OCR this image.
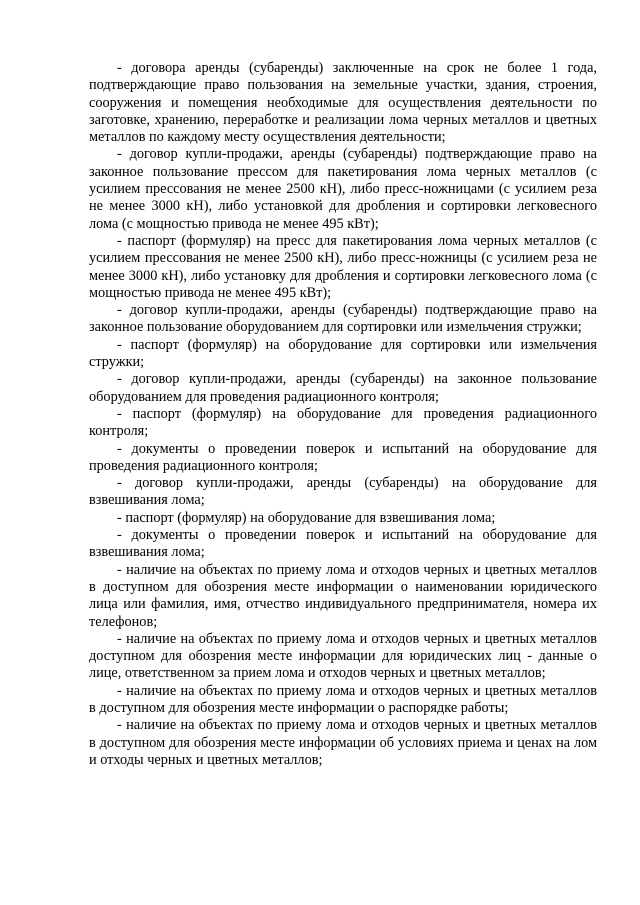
- договора аренды (субаренды) заключенные на срок не более 1 года, подтверждающие право пользования на земельные участки, здания, строения, сооружения и помещения необходимые для осуществления деятельности по заготовке, хранению, переработке и реализации лома черных металлов и цветных металлов по каждому месту осуществления деятельности;

- договор купли-продажи, аренды (субаренды) подтверждающие право на законное пользование прессом для пакетирования лома черных металлов (с усилием прессования не менее 2500 кН), либо пресс-ножницами (с усилием реза не менее 3000 кН), либо установкой для дробления и сортировки легковесного лома (с мощностью привода не менее 495 кВт);

- паспорт (формуляр) на пресс для пакетирования лома черных металлов (с усилием прессования не менее 2500 кН), либо пресс-ножницы (с усилием реза не менее 3000 кН), либо установку для дробления и сортировки легковесного лома (с мощностью привода не менее 495 кВт);

- договор купли-продажи, аренды (субаренды) подтверждающие право на законное пользование оборудованием для сортировки или измельчения стружки;

- паспорт (формуляр) на оборудование для сортировки или измельчения стружки;

- договор купли-продажи, аренды (субаренды) на законное пользование оборудованием для проведения радиационного контроля;

- паспорт (формуляр) на оборудование для проведения радиационного контроля;

- документы о проведении поверок и испытаний на оборудование для проведения радиационного контроля;

- договор купли-продажи, аренды (субаренды) на оборудование для взвешивания лома;

- паспорт (формуляр) на оборудование для взвешивания лома;

- документы о проведении поверок и испытаний на оборудование для взвешивания лома;

- наличие на объектах по приему лома и отходов черных и цветных металлов в доступном для обозрения месте информации о наименовании юридического лица или фамилия, имя, отчество индивидуального предпринимателя, номера их телефонов;

- наличие на объектах по приему лома и отходов черных и цветных металлов доступном для обозрения месте информации для юридических лиц - данные о лице, ответственном за прием лома и отходов черных и цветных металлов;

- наличие на объектах по приему лома и отходов черных и цветных металлов в доступном для обозрения месте информации о распорядке работы;

- наличие на объектах по приему лома и отходов черных и цветных металлов в доступном для обозрения месте информации об условиях приема и ценах на лом и отходы черных и цветных металлов;
